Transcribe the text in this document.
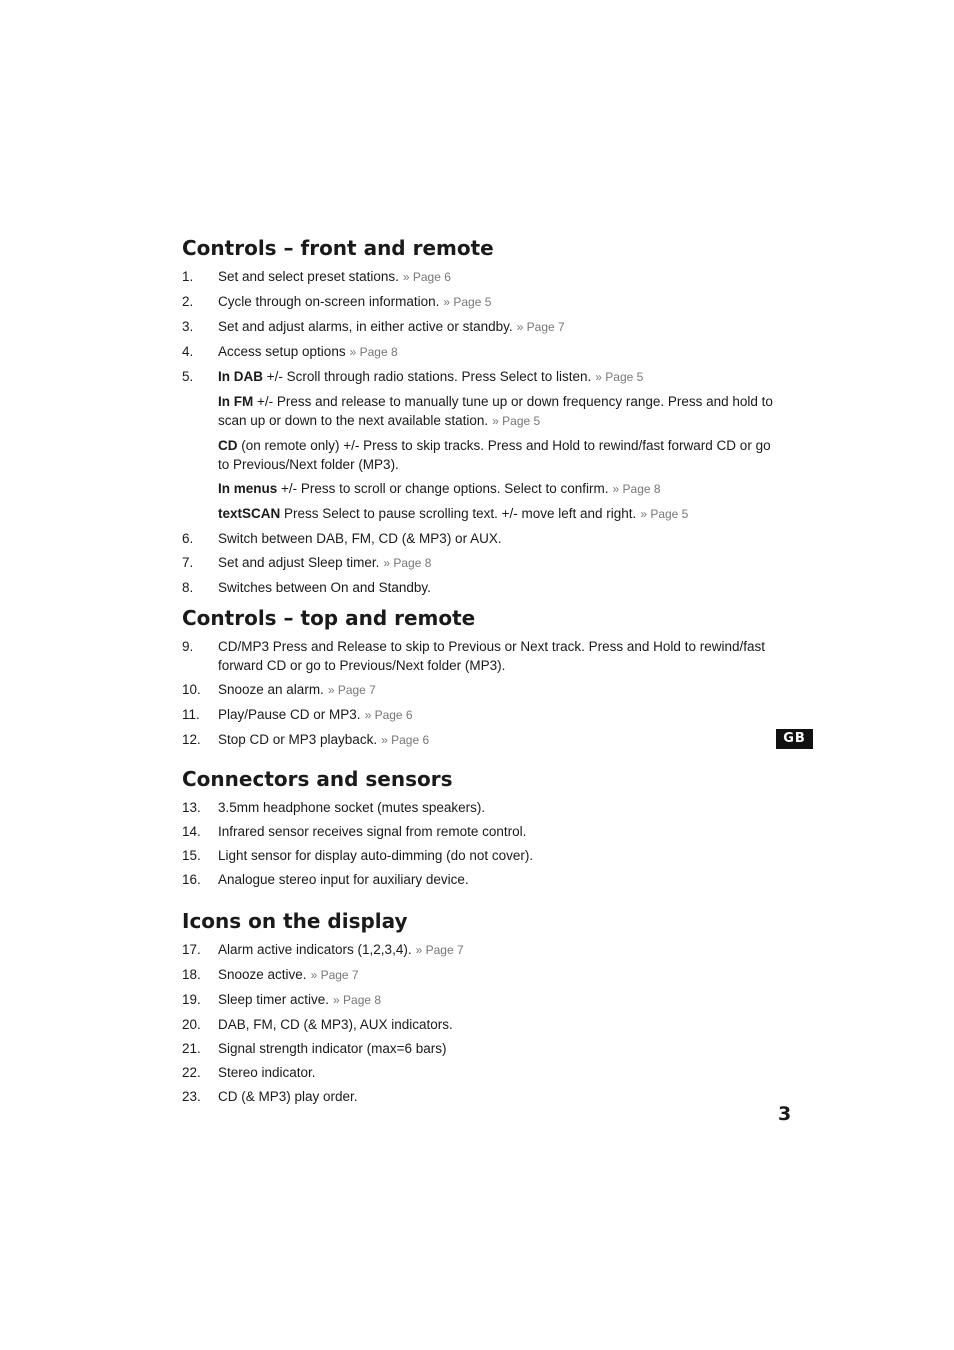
Controls – front and remote
1.	Set and select preset stations. » Page 6
2.	Cycle through on-screen information. » Page 5
3.	Set and adjust alarms, in either active or standby. » Page 7
4.	Access setup options » Page 8
5.	In DAB +/- Scroll through radio stations. Press Select to listen. » Page 5
In FM +/- Press and release to manually tune up or down frequency range. Press and hold to scan up or down to the next available station. » Page 5
CD (on remote only) +/- Press to skip tracks. Press and Hold to rewind/fast forward CD or go to Previous/Next folder (MP3).
In menus +/- Press to scroll or change options. Select to confirm. » Page 8
textSCAN Press Select to pause scrolling text. +/- move left and right. » Page 5
6.	Switch between DAB, FM, CD (& MP3) or AUX.
7.	Set and adjust Sleep timer. » Page 8
8.	Switches between On and Standby.
Controls – top and remote
9.	CD/MP3 Press and Release to skip to Previous or Next track. Press and Hold to rewind/fast forward CD or go to Previous/Next folder (MP3).
10.	Snooze an alarm. » Page 7
11.	Play/Pause CD or MP3. » Page 6
12.	Stop CD or MP3 playback. » Page 6
Connectors and sensors
13.	3.5mm headphone socket (mutes speakers).
14.	Infrared sensor receives signal from remote control.
15.	Light sensor for display auto-dimming (do not cover).
16.	Analogue stereo input for auxiliary device.
Icons on the display
17.	Alarm active indicators (1,2,3,4). » Page 7
18.	Snooze active. » Page 7
19.	Sleep timer active. » Page 8
20.	DAB, FM, CD (& MP3), AUX indicators.
21.	Signal strength indicator (max=6 bars)
22.	Stereo indicator.
23.	CD (& MP3) play order.
GB
3
